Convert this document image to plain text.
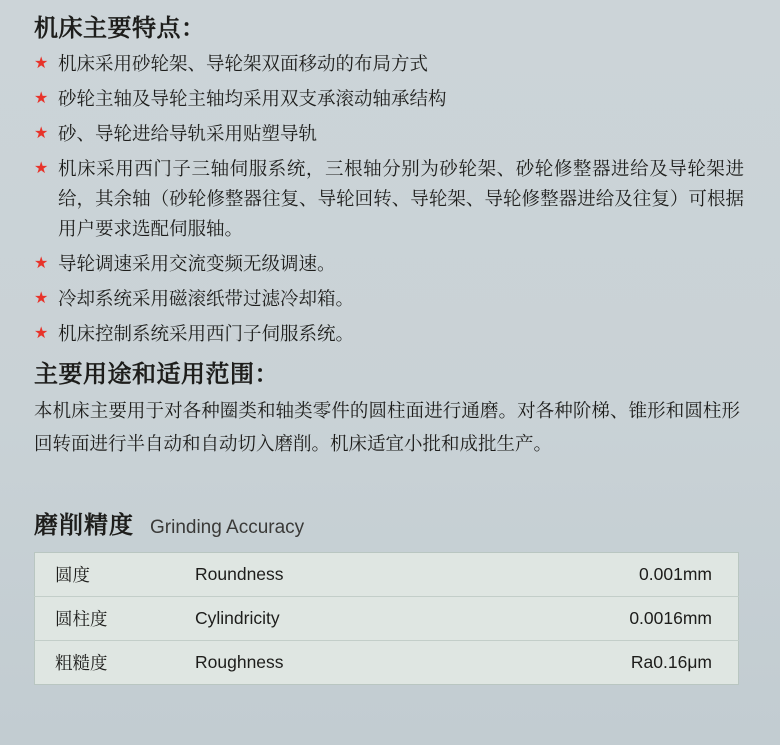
机床主要特点：
★ 机床采用砂轮架、导轮架双面移动的布局方式
★ 砂轮主轴及导轮主轴均采用双支承滚动轴承结构
★ 砂、导轮进给导轨采用贴塑导轨
★ 机床采用西门子三轴伺服系统，三根轴分别为砂轮架、砂轮修整器进给及导轮架进给，其余轴（砂轮修整器往复、导轮回转、导轮架、导轮修整器进给及往复）可根据用户要求选配伺服轴。
★ 导轮调速采用交流变频无级调速。
★ 冷却系统采用磁滚纸带过滤冷却箱。
★ 机床控制系统采用西门子伺服系统。
主要用途和适用范围：

本机床主要用于对各种圈类和轴类零件的圆柱面进行通磨。对各种阶梯、锥形和圆柱形回转面进行半自动和自动切入磨削。机床适宜小批和成批生产。

磨削精度 Grinding Accuracy
圆度	Roundness	0.001mm
圆柱度	Cylindricity	0.0016mm
粗糙度	Roughness	Ra0.16μm
